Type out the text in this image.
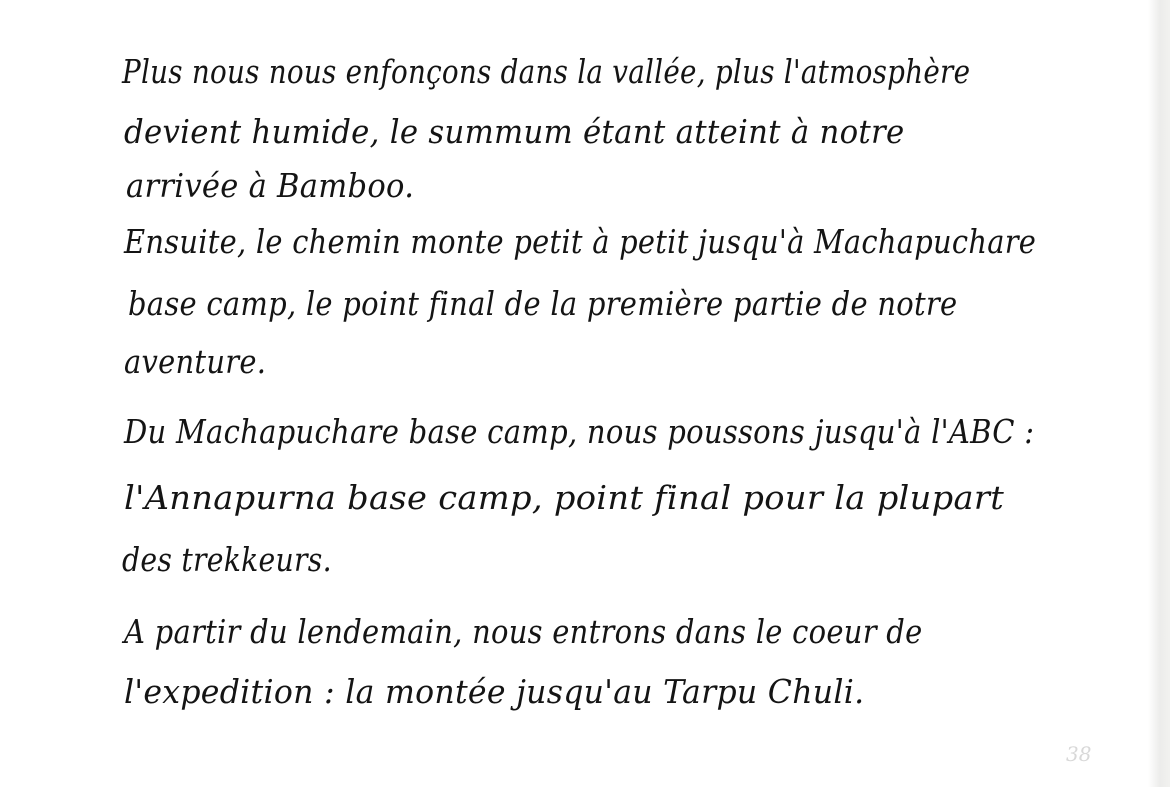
Plus nous nous enfonçons dans la vallée, plus l'atmosphère
devient humide, le summum étant atteint à notre
arrivée à Bamboo.
Ensuite, le chemin monte petit à petit jusqu'à Machapuchare
base camp, le point final de la première partie de notre
aventure.
Du Machapuchare base camp, nous poussons jusqu'à l'ABC :
l'Annapurna base camp, point final pour la plupart
des trekkeurs.
A partir du lendemain, nous entrons dans le coeur de
l'expedition : la montée jusqu'au Tarpu Chuli.
38
